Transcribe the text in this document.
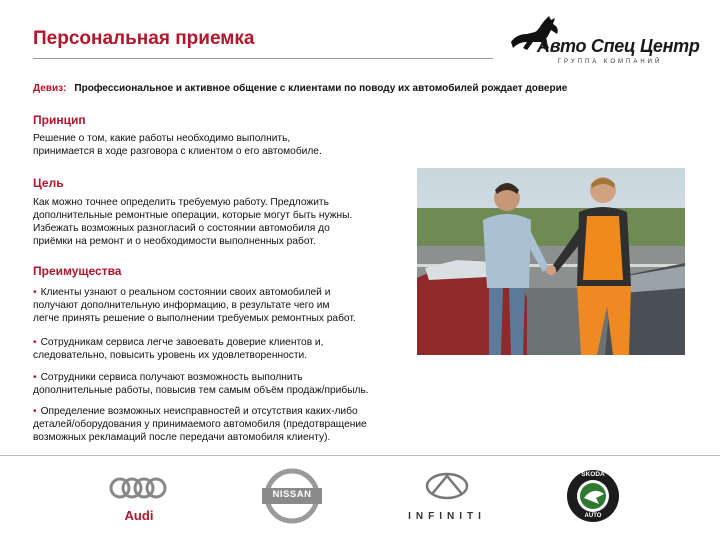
Персональная приемка	Авто Спец Центр
ГРУППА КОМПАНИЙ
Девиз: Профессиональное и активное общение с клиентами по поводу их автомобилей рождает доверие
Принцип
Решение о том, какие работы необходимо выполнить,
принимается в ходе разговора с клиентом о его автомобиле.
Цель
Как можно точнее определить требуемую работу. Предложить
дополнительные ремонтные операции, которые могут быть нужны.
Избежать возможных разногласий о состоянии автомобиля до
приёмки на ремонт и о необходимости выполненных работ.
Преимущества
• Клиенты узнают о реальном состоянии своих автомобилей и
получают дополнительную информацию, в результате чего им
легче принять решение о выполнении требуемых ремонтных работ.
• Сотрудникам сервиса легче завоевать доверие клиентов и,
следовательно, повысить уровень их удовлетворенности.
• Сотрудники сервиса получают возможность выполнить
дополнительные работы, повысив тем самым объём продаж/прибыль.
• Определение возможных неисправностей и отсутствия каких-либо
деталей/оборудования у принимаемого автомобиля (предотвращение
возможных рекламаций после передачи автомобиля клиенту).
Audi
NISSAN
INFINITI
ŠKODA
AUTO
